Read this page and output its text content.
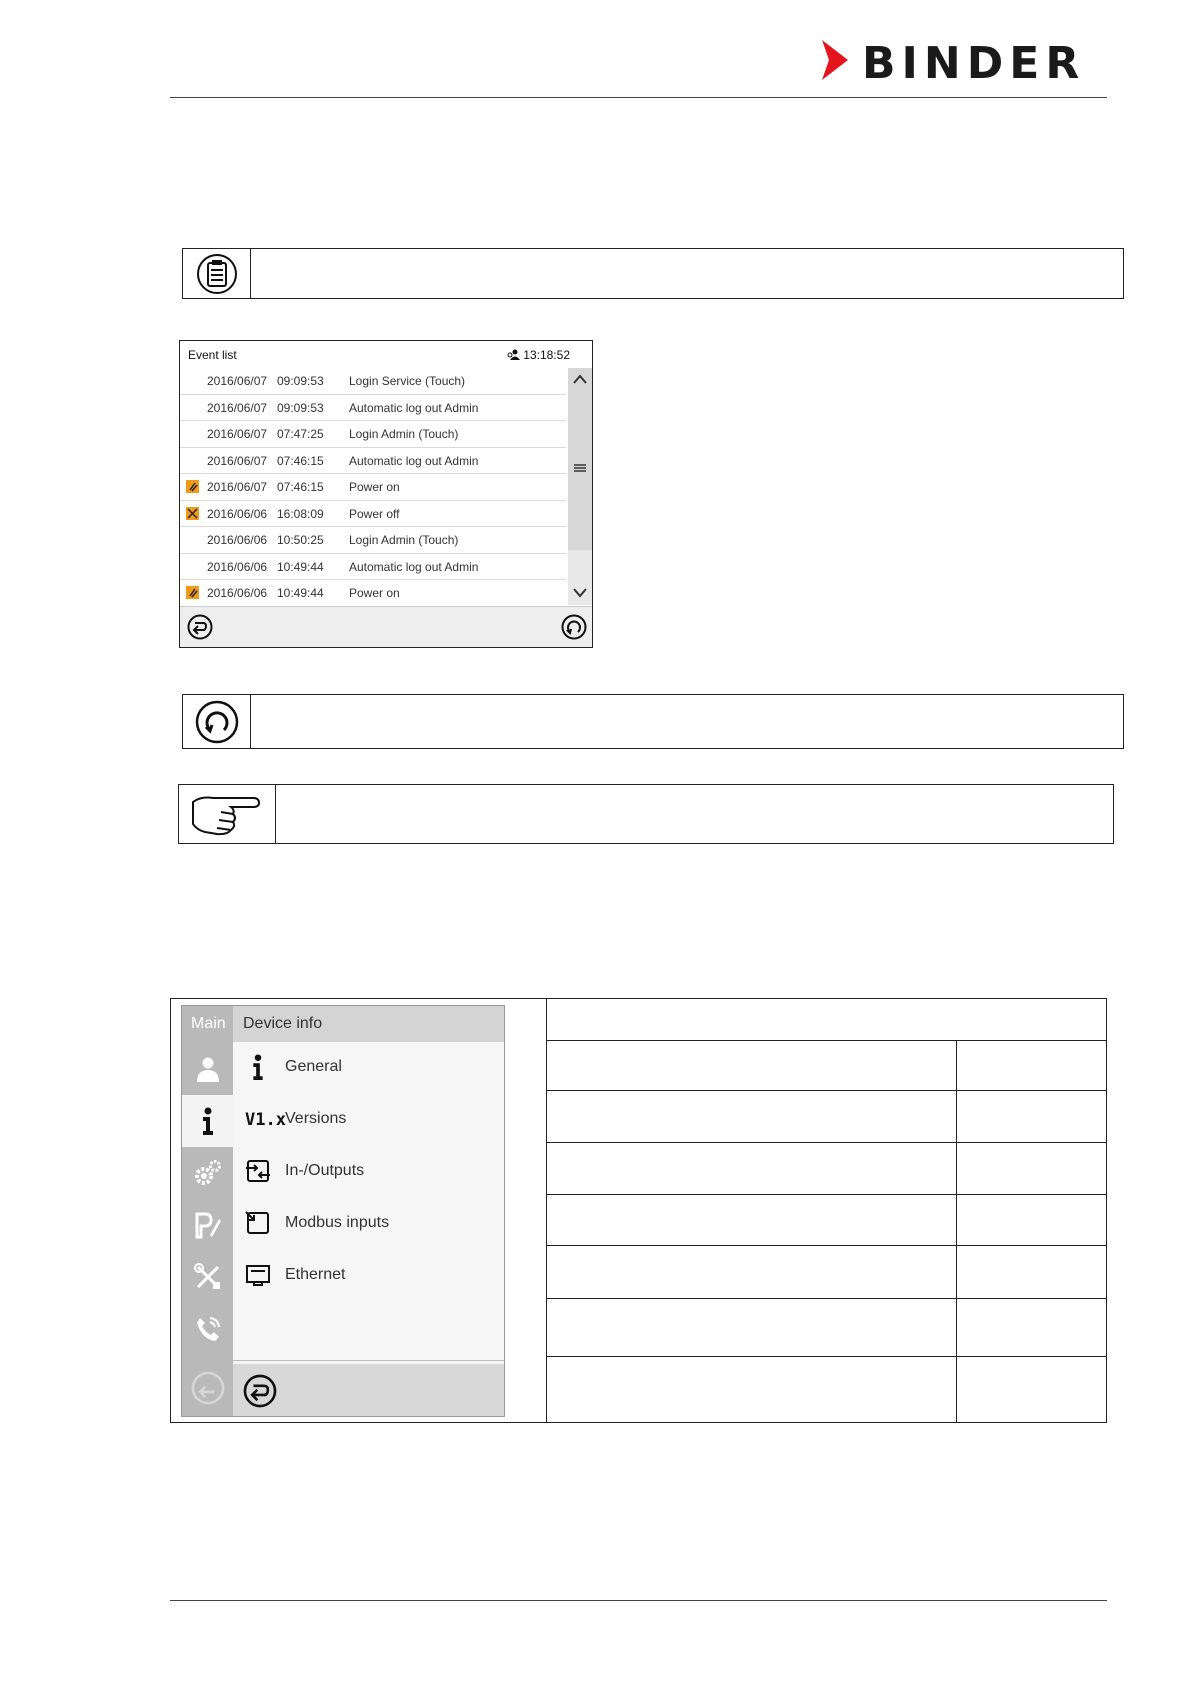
BINDER
Event list	13:18:52
2016/06/07 09:09:53 Login Service (Touch)
2016/06/07 09:09:53 Automatic log out Admin
2016/06/07 07:47:25 Login Admin (Touch)
2016/06/07 07:46:15 Automatic log out Admin
2016/06/07 07:46:15 Power on
2016/06/06 16:08:09 Power off
2016/06/06 10:50:25 Login Admin (Touch)
2016/06/06 10:49:44 Automatic log out Admin
2016/06/06 10:49:44 Power on
Main Device info
General
V1.x Versions
In-/Outputs
Modbus inputs
Ethernet
